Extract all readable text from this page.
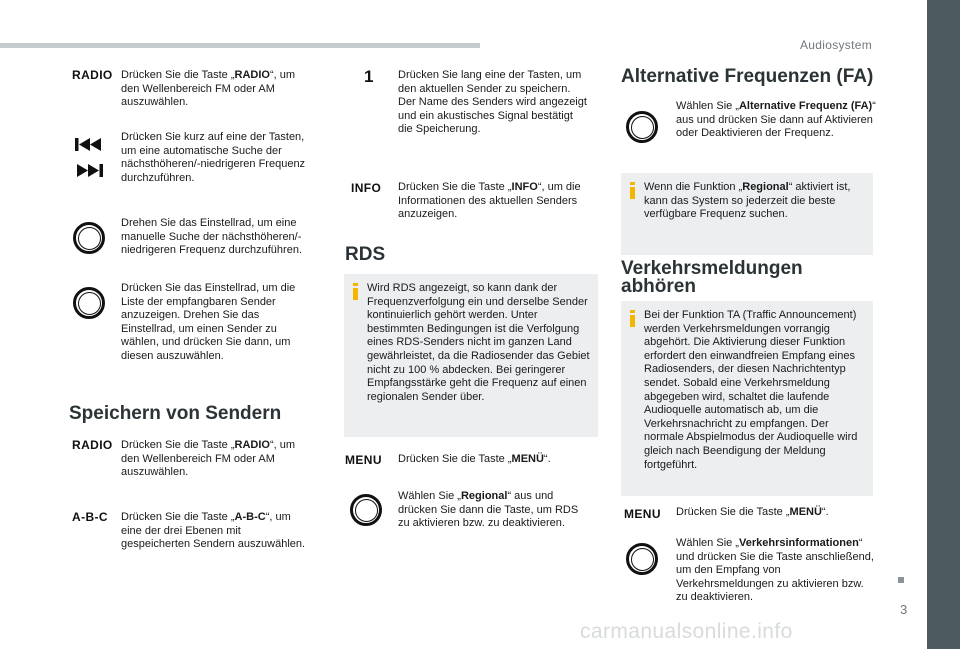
Audiosystem
RADIO Drücken Sie die Taste „RADIO“, um den Wellenbereich FM oder AM auszuwählen.
Drücken Sie kurz auf eine der Tasten, um eine automatische Suche der nächsthöheren/-niedrigeren Frequenz durchzuführen.
Drehen Sie das Einstellrad, um eine manuelle Suche der nächsthöheren/-niedrigeren Frequenz durchzuführen.
Drücken Sie das Einstellrad, um die Liste der empfangbaren Sender anzuzeigen. Drehen Sie das Einstellrad, um einen Sender zu wählen, und drücken Sie dann, um diesen auszuwählen.
Speichern von Sendern
RADIO Drücken Sie die Taste „RADIO“, um den Wellenbereich FM oder AM auszuwählen.
A-B-C Drücken Sie die Taste „A-B-C“, um eine der drei Ebenen mit gespeicherten Sendern auszuwählen.
1 Drücken Sie lang eine der Tasten, um den aktuellen Sender zu speichern. Der Name des Senders wird angezeigt und ein akustisches Signal bestätigt die Speicherung.
INFO Drücken Sie die Taste „INFO“, um die Informationen des aktuellen Senders anzuzeigen.
RDS
Wird RDS angezeigt, so kann dank der Frequenzverfolgung ein und derselbe Sender kontinuierlich gehört werden. Unter bestimmten Bedingungen ist die Verfolgung eines RDS-Senders nicht im ganzen Land gewährleistet, da die Radiosender das Gebiet nicht zu 100 % abdecken. Bei geringerer Empfangsstärke geht die Frequenz auf einen regionalen Sender über.
MENU Drücken Sie die Taste „MENÜ“.
Wählen Sie „Regional“ aus und drücken Sie dann die Taste, um RDS zu aktivieren bzw. zu deaktivieren.
Alternative Frequenzen (FA)
Wählen Sie „Alternative Frequenz (FA)“ aus und drücken Sie dann auf Aktivieren oder Deaktivieren der Frequenz.
Wenn die Funktion „Regional“ aktiviert ist, kann das System so jederzeit die beste verfügbare Frequenz suchen.
Verkehrsmeldungen
abhören
Bei der Funktion TA (Traffic Announcement) werden Verkehrsmeldungen vorrangig abgehört. Die Aktivierung dieser Funktion erfordert den einwandfreien Empfang eines Radiosenders, der diesen Nachrichtentyp sendet. Sobald eine Verkehrsmeldung abgegeben wird, schaltet die laufende Audioquelle automatisch ab, um die Verkehrsnachricht zu empfangen. Der normale Abspielmodus der Audioquelle wird gleich nach Beendigung der Meldung fortgeführt.
MENU Drücken Sie die Taste „MENÜ“.
Wählen Sie „Verkehrsinformationen“ und drücken Sie die Taste anschließend, um den Empfang von Verkehrsmeldungen zu aktivieren bzw. zu deaktivieren.
3
carmanualsonline.info
